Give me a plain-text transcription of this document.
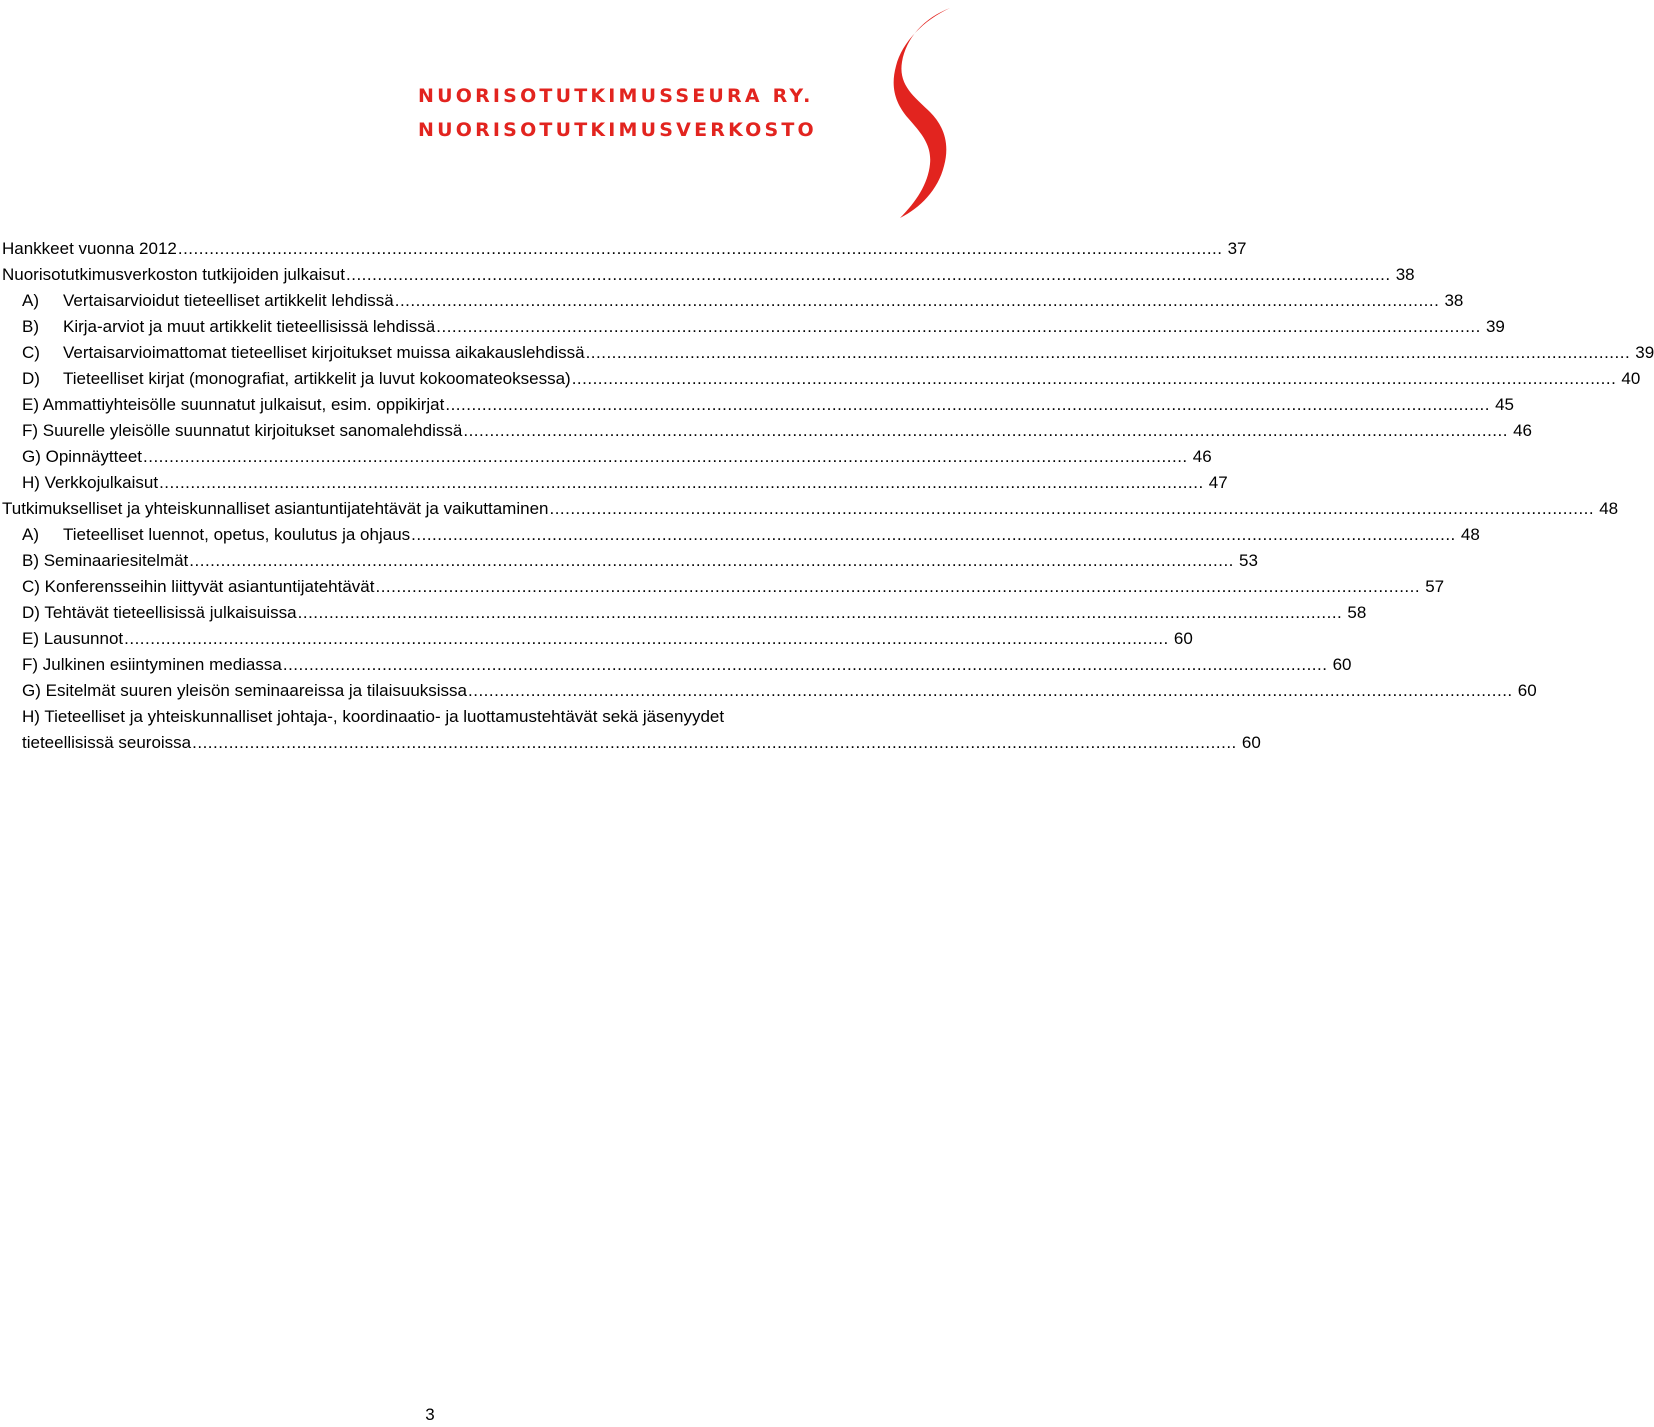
NUORISOTUTKIMUSSEURA RY.

NUORISOTUTKIMUSVERKOSTO

Hankkeet vuonna 2012 ........................................................................................................................................................................................................ 37
Nuorisotutkimusverkoston tutkijoiden julkaisut ........................................................................................................................................................................................................ 38
A)	Vertaisarvioidut tieteelliset artikkelit lehdissä ........................................................................................................................................................................................................ 38
B)	Kirja-arviot ja muut artikkelit tieteellisissä lehdissä ........................................................................................................................................................................................................ 39
C)	Vertaisarvioimattomat tieteelliset kirjoitukset muissa aikakauslehdissä ........................................................................................................................................................................................................ 39
D)	Tieteelliset kirjat (monografiat, artikkelit ja luvut kokoomateoksessa) ........................................................................................................................................................................................................ 40
E) Ammattiyhteisölle suunnatut julkaisut, esim. oppikirjat ........................................................................................................................................................................................................ 45
F) Suurelle yleisölle suunnatut kirjoitukset sanomalehdissä ........................................................................................................................................................................................................ 46
G) Opinnäytteet ........................................................................................................................................................................................................ 46
H) Verkkojulkaisut ........................................................................................................................................................................................................ 47
Tutkimukselliset ja yhteiskunnalliset asiantuntijatehtävät ja vaikuttaminen ........................................................................................................................................................................................................ 48
A)	Tieteelliset luennot, opetus, koulutus ja ohjaus ........................................................................................................................................................................................................ 48
B) Seminaariesitelmät ........................................................................................................................................................................................................ 53
C) Konferensseihin liittyvät asiantuntijatehtävät ........................................................................................................................................................................................................ 57
D) Tehtävät tieteellisissä julkaisuissa ........................................................................................................................................................................................................ 58
E) Lausunnot ........................................................................................................................................................................................................ 60
F) Julkinen esiintyminen mediassa ........................................................................................................................................................................................................ 60
G) Esitelmät suuren yleisön seminaareissa ja tilaisuuksissa ........................................................................................................................................................................................................ 60
H) Tieteelliset ja yhteiskunnalliset johtaja-, koordinaatio- ja luottamustehtävät sekä jäsenyydet
tieteellisissä seuroissa ........................................................................................................................................................................................................ 60
3
